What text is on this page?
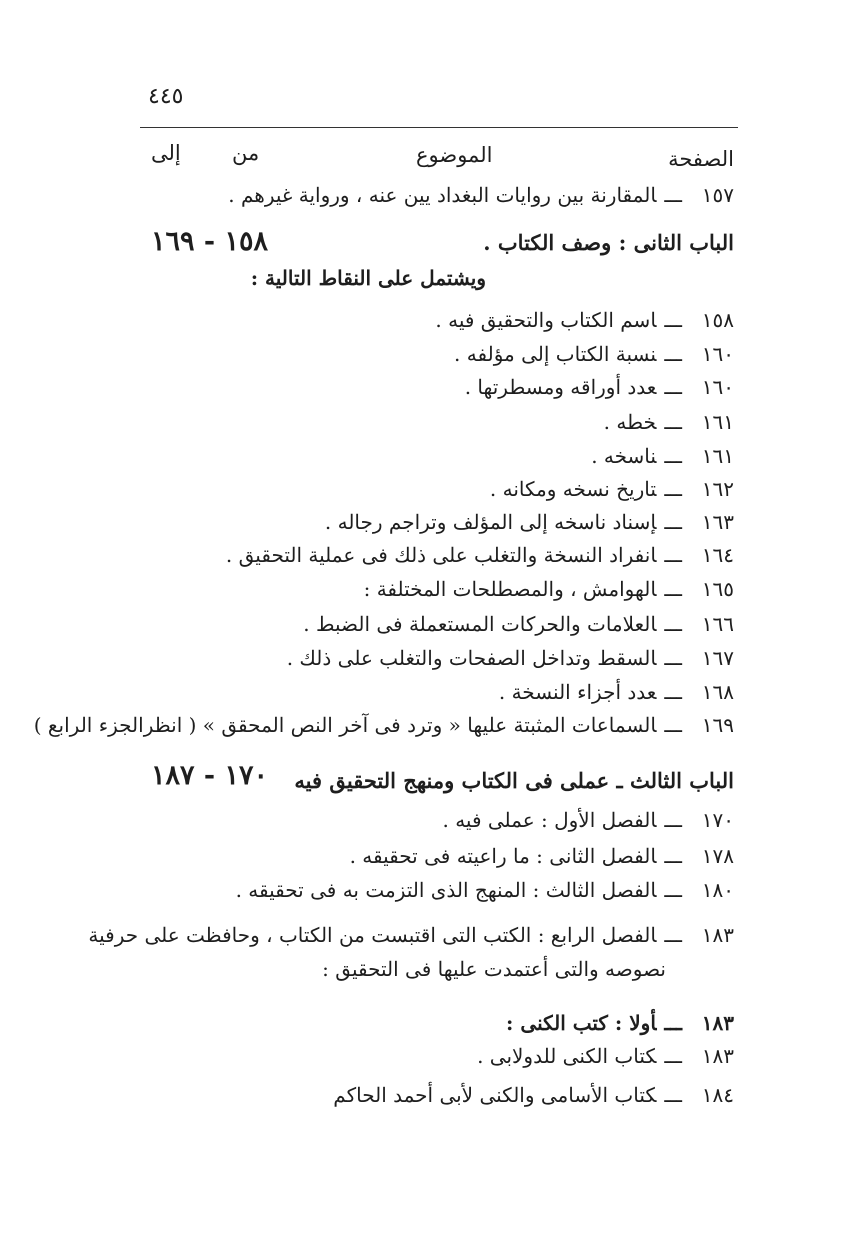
٤٤٥
الصفحة
الموضوع
من
إلى
١٥٧ـــالمقارنة بين روايات البغداد يين عنه ، ورواية غيرهم .
الباب الثانى : وصف الكتاب .
١٥٨ - ١٦٩
ويشتمل على النقاط التالية :
١٥٨ـــاسم الكتاب والتحقيق فيه .
١٦٠ـــنسبة الكتاب إلى مؤلفه .
١٦٠ـــعدد أوراقه ومسطرتها .
١٦١ـــخطه .
١٦١ـــناسخه .
١٦٢ـــتاريخ نسخه ومكانه .
١٦٣ـــإسناد ناسخه إلى المؤلف وتراجم رجاله .
١٦٤ـــانفراد النسخة والتغلب على ذلك فى عملية التحقيق .
١٦٥ـــالهوامش ، والمصطلحات المختلفة :
١٦٦ـــالعلامات والحركات المستعملة فى الضبط .
١٦٧ـــالسقط وتداخل الصفحات والتغلب على ذلك .
١٦٨ـــعدد أجزاء النسخة .
١٦٩ـــالسماعات المثبتة عليها « وترد فى آخر النص المحقق » ( انظرالجزء الرابع )
الباب الثالث ـ عملى فى الكتاب ومنهج التحقيق فيه
١٧٠ - ١٨٧
١٧٠ـــالفصل الأول : عملى فيه .
١٧٨ـــالفصل الثانى : ما راعيته فى تحقيقه .
١٨٠ـــالفصل الثالث : المنهج الذى التزمت به فى تحقيقه .
١٨٣ـــالفصل الرابع : الكتب التى اقتبست من الكتاب ، وحافظت على حرفية
نصوصه والتى أعتمدت عليها فى التحقيق :
١٨٣ـــأولا : كتب الكنى :
١٨٣ـــكتاب الكنى للدولابى .
١٨٤ـــكتاب الأسامى والكنى لأبى أحمد الحاكم
